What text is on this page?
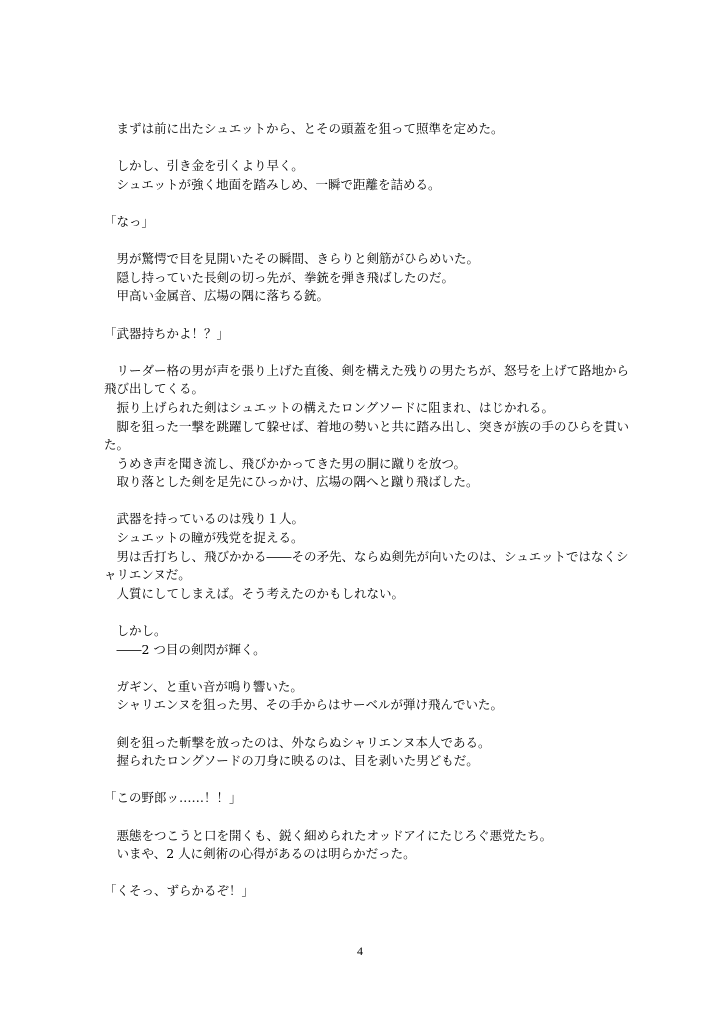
　まずは前に出たシュエットから、とその頭蓋を狙って照準を定めた。
　しかし、引き金を引くより早く。
　シュエットが強く地面を踏みしめ、一瞬で距離を詰める。
「なっ」
　男が驚愕で目を見開いたその瞬間、きらりと剣筋がひらめいた。
　隠し持っていた長剣の切っ先が、拳銃を弾き飛ばしたのだ。
　甲高い金属音、広場の隅に落ちる銃。
「武器持ちかよ！？」
　リーダー格の男が声を張り上げた直後、剣を構えた残りの男たちが、怒号を上げて路地から
飛び出してくる。
　振り上げられた剣はシュエットの構えたロングソードに阻まれ、はじかれる。
　脚を狙った一撃を跳躍して躱せば、着地の勢いと共に踏み出し、突きが族の手のひらを貫い
た。
　うめき声を聞き流し、飛びかかってきた男の胴に蹴りを放つ。
　取り落とした剣を足先にひっかけ、広場の隅へと蹴り飛ばした。
　武器を持っているのは残り１人。
　シュエットの瞳が残党を捉える。
　男は舌打ちし、飛びかかる――その矛先、ならぬ剣先が向いたのは、シュエットではなくシ
ャリエンヌだ。
　人質にしてしまえば。そう考えたのかもしれない。
　しかし。
　――2 つ目の剣閃が輝く。
　ガギン、と重い音が鳴り響いた。
　シャリエンヌを狙った男、その手からはサーベルが弾け飛んでいた。
　剣を狙った斬撃を放ったのは、外ならぬシャリエンヌ本人である。
　握られたロングソードの刀身に映るのは、目を剥いた男どもだ。
「この野郎ッ……！！」
　悪態をつこうと口を開くも、鋭く細められたオッドアイにたじろぐ悪党たち。
　いまや、2 人に剣術の心得があるのは明らかだった。
「くそっ、ずらかるぞ！」
4
